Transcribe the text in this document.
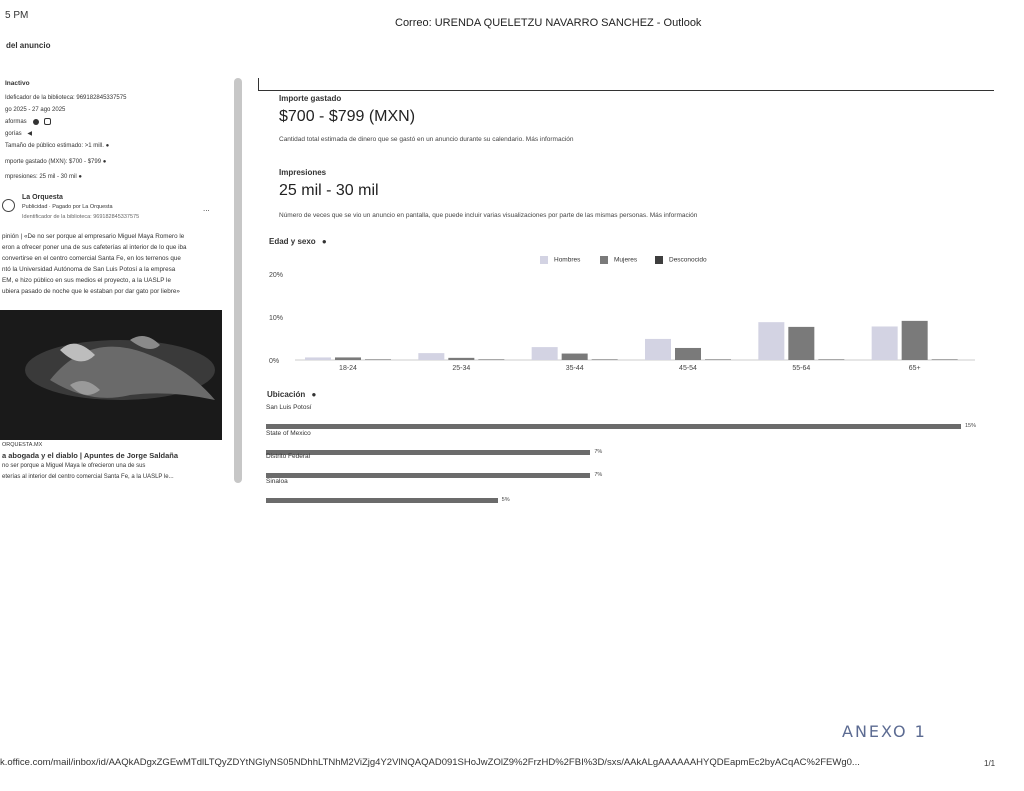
5 PM
Correo: URENDA QUELETZU NAVARRO SANCHEZ - Outlook
del anuncio
Inactivo
Ideficador de la biblioteca: 969182845337575
go 2025 - 27 ago 2025
aformas
gorías ◀
Tamaño de público estimado: >1 mill. ●
mporte gastado (MXN): $700 - $799 ●
mpresiones: 25 mil - 30 mil ●
La Orquesta
Publicidad · Pagado por La Orquesta
Identificador de la biblioteca: 969182845337575
pinión | «De no ser porque al empresario Miguel Maya Romero le
eron a ofrecer poner una de sus cafeterías al interior de lo que iba
convertirse en el centro comercial Santa Fe, en los terrenos que
ntó la Universidad Autónoma de San Luis Potosí a la empresa
EM, e hizo público en sus medios el proyecto, a la UASLP le
ubiera pasado de noche que le estaban por dar gato por liebre»
ORQUESTA.MX
a abogada y el diablo | Apuntes de Jorge Saldaña
no ser porque a Miguel Maya le ofrecieron una de sus
eterías al interior del centro comercial Santa Fe, a la UASLP le...
...
Importe gastado
$700 - $799 (MXN)
Cantidad total estimada de dinero que se gastó en un anuncio durante su calendario. Más información
Impresiones
25 mil - 30 mil
Número de veces que se vio un anuncio en pantalla, que puede incluir varias visualizaciones por parte de las mismas personas. Más información
Edad y sexo ●
Hombres	Mujeres	Desconocido
20%
10%
0%
18-24	25-34	35-44	45-54	55-64	65+
Ubicación ●
San Luis Potosí
15%
State of Mexico
7%
Distrito Federal
7%
Sinaloa
5%
ANEXO 1
k.office.com/mail/inbox/id/AAQkADgxZGEwMTdlLTQyZDYtNGIyNS05NDhhLTNhM2ViZjg4Y2VlNQAQAD091SHoJwZOlZ9%2FrzHD%2FBI%3D/sxs/AAkALgAAAAAAHYQDEapmEc2byACqAC%2FEWg0...	1/1
